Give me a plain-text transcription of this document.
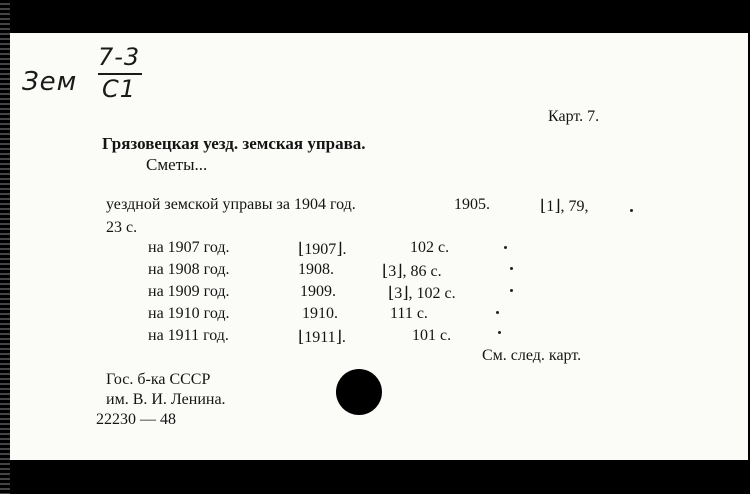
Зем
7-3
С1
Карт. 7.
Грязовецкая уезд. земская управа.
Сметы...
уездной земской управы за 1904 год.	1905.	⌊1⌋, 79,
23 с.
на 1907 год.	⌊1907⌋.	102 с.
на 1908 год.	1908.	⌊3⌋, 86 с.
на 1909 год.	1909.	⌊3⌋, 102 с.
на 1910 год.	1910.	111 с.
на 1911 год.	⌊1911⌋.	101 с.
См. след. карт.
Гос. б-ка СССР
им. В. И. Ленина.
22230 — 48
